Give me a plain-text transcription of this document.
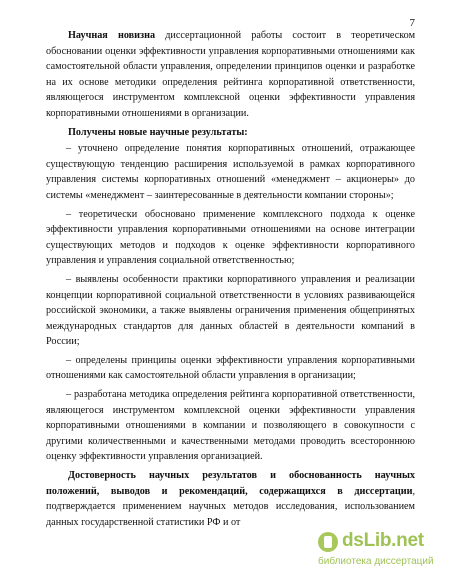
7

Научная новизна диссертационной работы состоит в теоретическом обосновании оценки эффективности управления корпоративными отношениями как самостоятельной области управления, определении принципов оценки и разработке на их основе методики определения рейтинга корпоративной ответственности, являющегося инструментом комплексной оценки эффективности управления корпоративными отношениями в организации.

Получены новые научные результаты:

– уточнено определение понятия корпоративных отношений, отражающее существующую тенденцию расширения используемой в рамках корпоративного управления системы корпоративных отношений «менеджмент – акционеры» до системы «менеджмент – заинтересованные в деятельности компании стороны»;

– теоретически обосновано применение комплексного подхода к оценке эффективности управления корпоративными отношениями на основе интеграции существующих методов и подходов к оценке эффективности корпоративного управления и управления социальной ответственностью;

– выявлены особенности практики корпоративного управления и реализации концепции корпоративной социальной ответственности в условиях развивающейся российской экономики, а также выявлены ограничения применения общепринятых международных стандартов для данных областей в деятельности компаний в России;

– определены принципы оценки эффективности управления корпоративными отношениями как самостоятельной области управления в организации;

– разработана методика определения рейтинга корпоративной ответственности, являющегося инструментом комплексной оценки эффективности управления корпоративными отношениями в компании и позволяющего в совокупности с другими количественными и качественными методами проводить всестороннюю оценку эффективности управления организацией.

Достоверность научных результатов и обоснованность научных положений, выводов и рекомендаций, содержащихся в диссертации, подтверждается применением научных методов исследования, использованием данных государственной статистики РФ и от

dsLib.net
библиотека диссертаций
